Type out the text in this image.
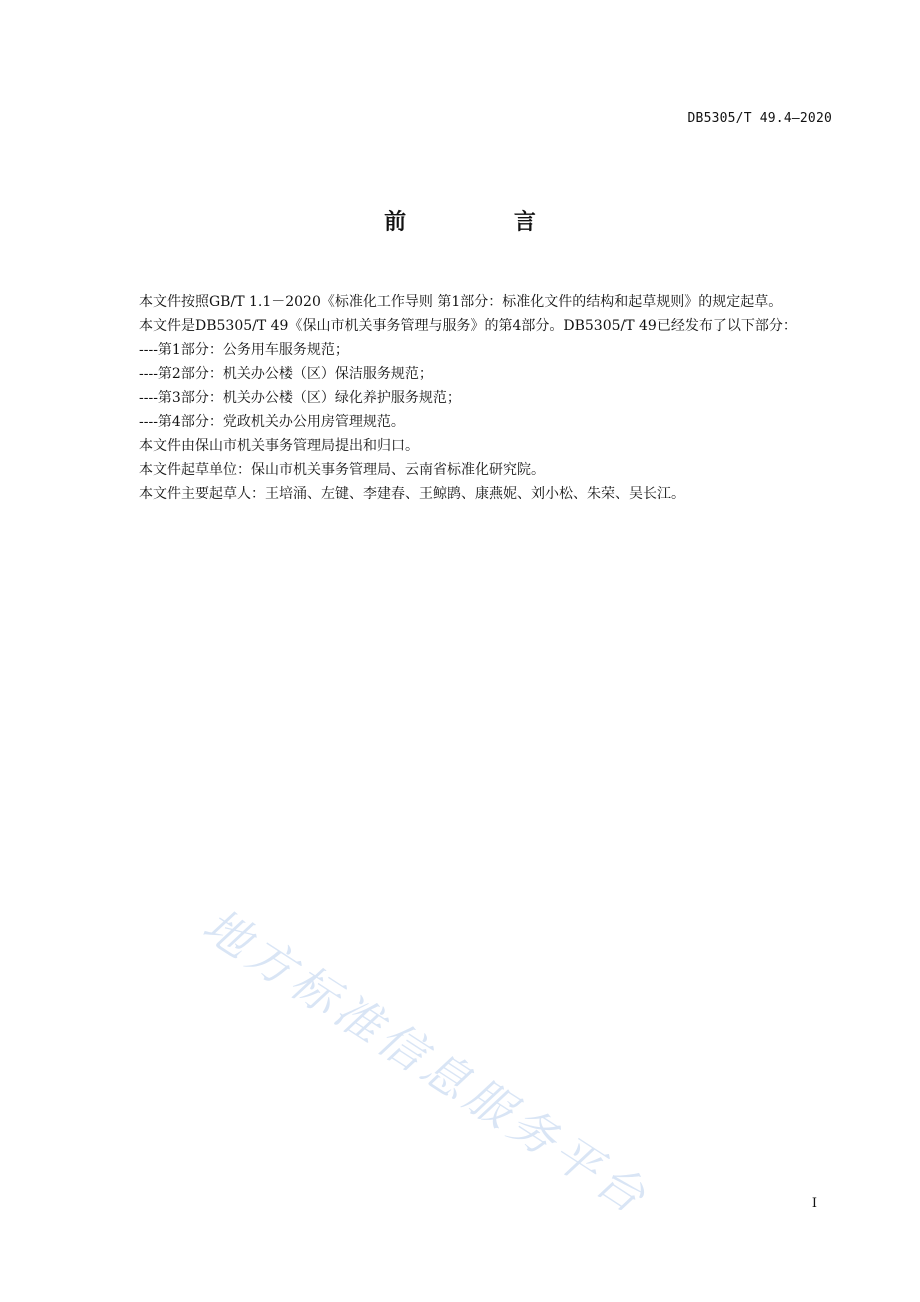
DB5305/T 49.4—2020
前 言

本文件按照GB/T 1.1－2020《标准化工作导则 第1部分：标准化文件的结构和起草规则》的规定起草。

本文件是DB5305/T 49《保山市机关事务管理与服务》的第4部分。DB5305/T 49已经发布了以下部分：

----第1部分：公务用车服务规范；

----第2部分：机关办公楼（区）保洁服务规范；

----第3部分：机关办公楼（区）绿化养护服务规范；

----第4部分：党政机关办公用房管理规范。

本文件由保山市机关事务管理局提出和归口。

本文件起草单位：保山市机关事务管理局、云南省标准化研究院。

本文件主要起草人：王培涌、左键、李建春、王鲸鹍、康燕妮、刘小松、朱荣、吴长江。

地方标准信息服务平台	I
